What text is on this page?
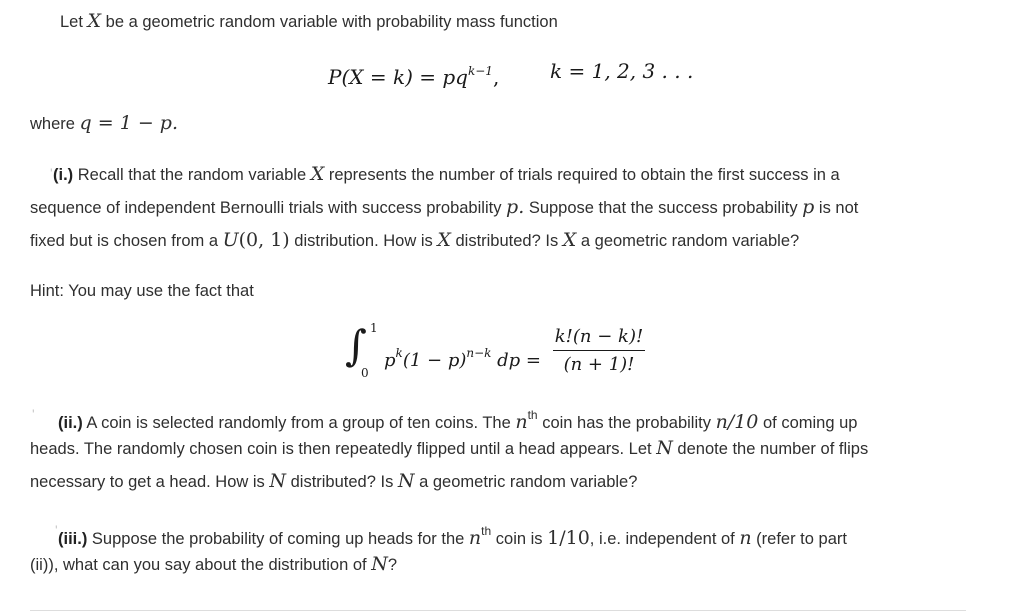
Let X be a geometric random variable with probability mass function
$P(X = k) = pq^{k-1}$,	k = 1, 2, 3 . . .
where q = 1 − p.
' (i.) Recall that the random variable X represents the number of trials required to obtain the first success in a
sequence of independent Bernoulli trials with success probability p. Suppose that the success probability p is not
fixed but is chosen from a U(0, 1) distribution. How is X distributed? Is X a geometric random variable?
Hint: You may use the fact that
∫ 1
0
$p^k(1 - p)^{n-k}$ dp =
k!(n − k)!
(n + 1)!
' (ii.) A coin is selected randomly from a group of ten coins. The $n^{th}$ coin has the probability n/10 of coming up
heads. The randomly chosen coin is then repeatedly flipped until a head appears. Let N denote the number of flips
necessary to get a head. How is N distributed? Is N a geometric random variable?
' (iii.) Suppose the probability of coming up heads for the $n^{th}$ coin is 1/10, i.e. independent of n (refer to part
(ii)), what can you say about the distribution of N?
